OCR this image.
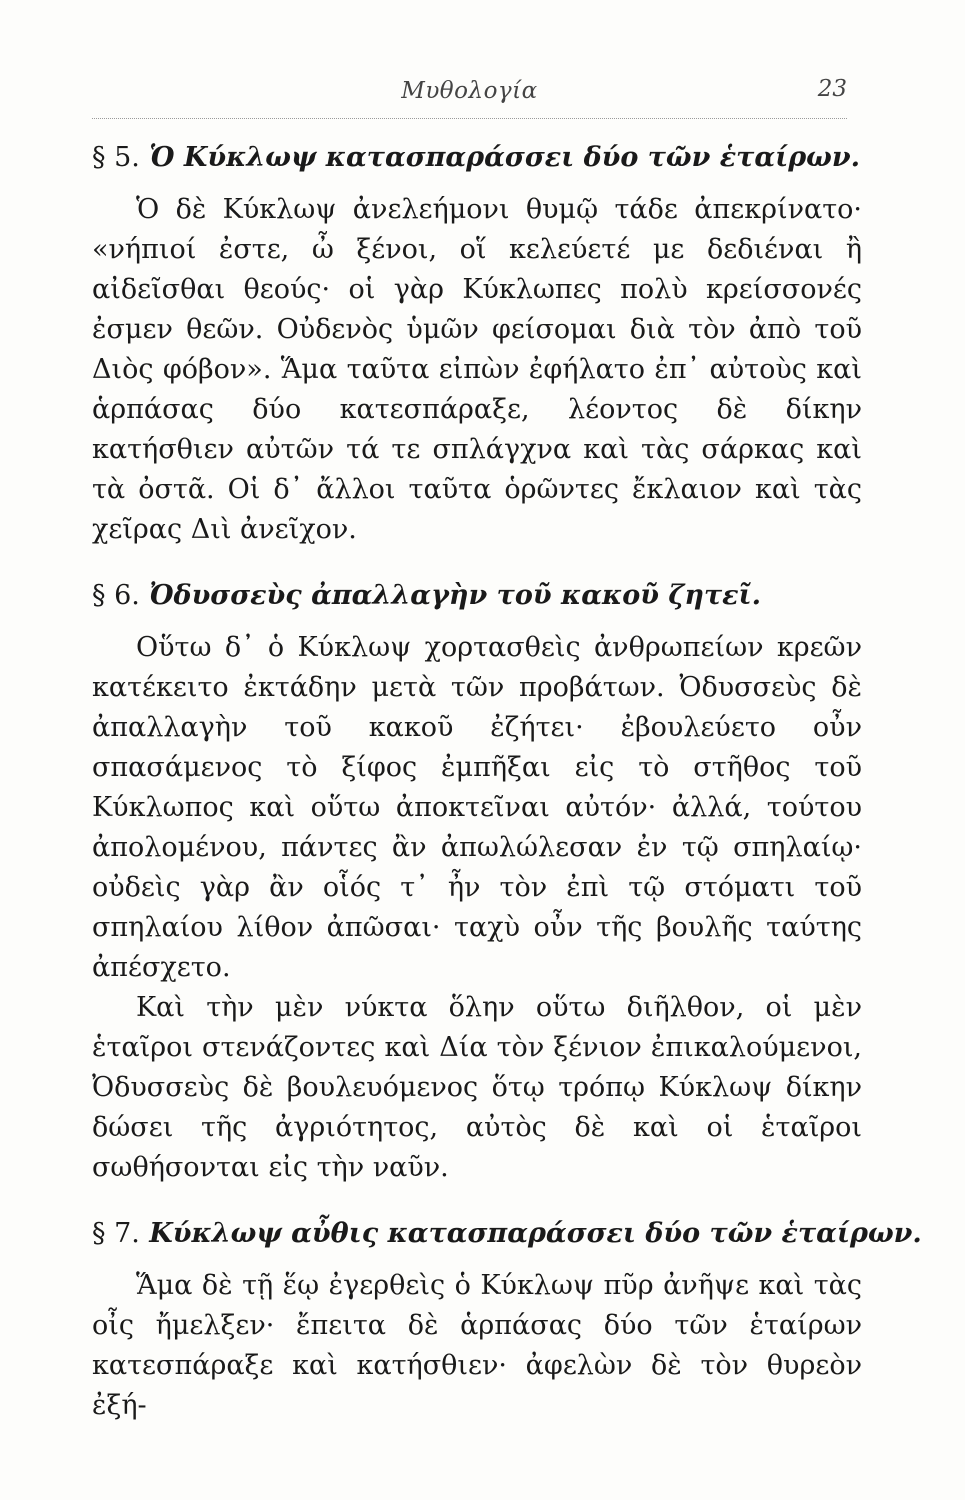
Μυθολογία	23
§ 5. Ὁ Κύκλωψ κατασπαράσσει δύο τῶν ἑταίρων.

Ὁ δὲ Κύκλωψ ἀνελεήμονι θυμῷ τάδε ἀπεκρίνατο· «νήπιοί ἐστε, ὦ ξένοι, οἵ κελεύετέ με δεδιέναι ἢ αἰδεῖσθαι θεούς· οἱ γὰρ Κύκλωπες πολὺ κρείσσονές ἐσμεν θεῶν. Οὐδενὸς ὑμῶν φείσομαι διὰ τὸν ἀπὸ τοῦ Διὸς φόβον». Ἅμα ταῦτα εἰπὼν ἐφήλατο ἐπ᾽ αὐτοὺς καὶ ἁρπάσας δύο κατεσπάραξε, λέοντος δὲ δίκην κατήσθιεν αὐτῶν τά τε σπλάγχνα καὶ τὰς σάρκας καὶ τὰ ὀστᾶ. Οἱ δ᾽ ἄλλοι ταῦτα ὁρῶντες ἔκλαιον καὶ τὰς χεῖρας Διὶ ἀνεῖχον.

§ 6. Ὀδυσσεὺς ἀπαλλαγὴν τοῦ κακοῦ ζητεῖ.

Οὕτω δ᾽ ὁ Κύκλωψ χορτασθεὶς ἀνθρωπείων κρεῶν κατέκειτο ἐκτάδην μετὰ τῶν προβάτων. Ὀδυσσεὺς δὲ ἀπαλλαγὴν τοῦ κακοῦ ἐζήτει· ἐβουλεύετο οὖν σπασάμενος τὸ ξίφος ἐμπῆξαι εἰς τὸ στῆθος τοῦ Κύκλωπος καὶ οὕτω ἀποκτεῖναι αὐτόν· ἀλλά, τούτου ἀπολομένου, πάντες ἂν ἀπωλώλεσαν ἐν τῷ σπηλαίῳ· οὐδεὶς γὰρ ἂν οἷός τ᾽ ἦν τὸν ἐπὶ τῷ στόματι τοῦ σπηλαίου λίθον ἀπῶσαι· ταχὺ οὖν τῆς βουλῆς ταύτης ἀπέσχετο.

Καὶ τὴν μὲν νύκτα ὅλην οὕτω διῆλθον, οἱ μὲν ἑταῖροι στενάζοντες καὶ Δία τὸν ξένιον ἐπικαλούμενοι, Ὀδυσσεὺς δὲ βουλευόμενος ὅτῳ τρόπῳ Κύκλωψ δίκην δώσει τῆς ἀγριότητος, αὐτὸς δὲ καὶ οἱ ἑταῖροι σωθήσονται εἰς τὴν ναῦν.

§ 7. Κύκλωψ αὖθις κατασπαράσσει δύο τῶν ἑταίρων.

Ἅμα δὲ τῇ ἕῳ ἐγερθεὶς ὁ Κύκλωψ πῦρ ἀνῆψε καὶ τὰς οἶς ἤμελξεν· ἔπειτα δὲ ἁρπάσας δύο τῶν ἑταίρων κατεσπάραξε καὶ κατήσθιεν· ἀφελὼν δὲ τὸν θυρεὸν ἐξή-
